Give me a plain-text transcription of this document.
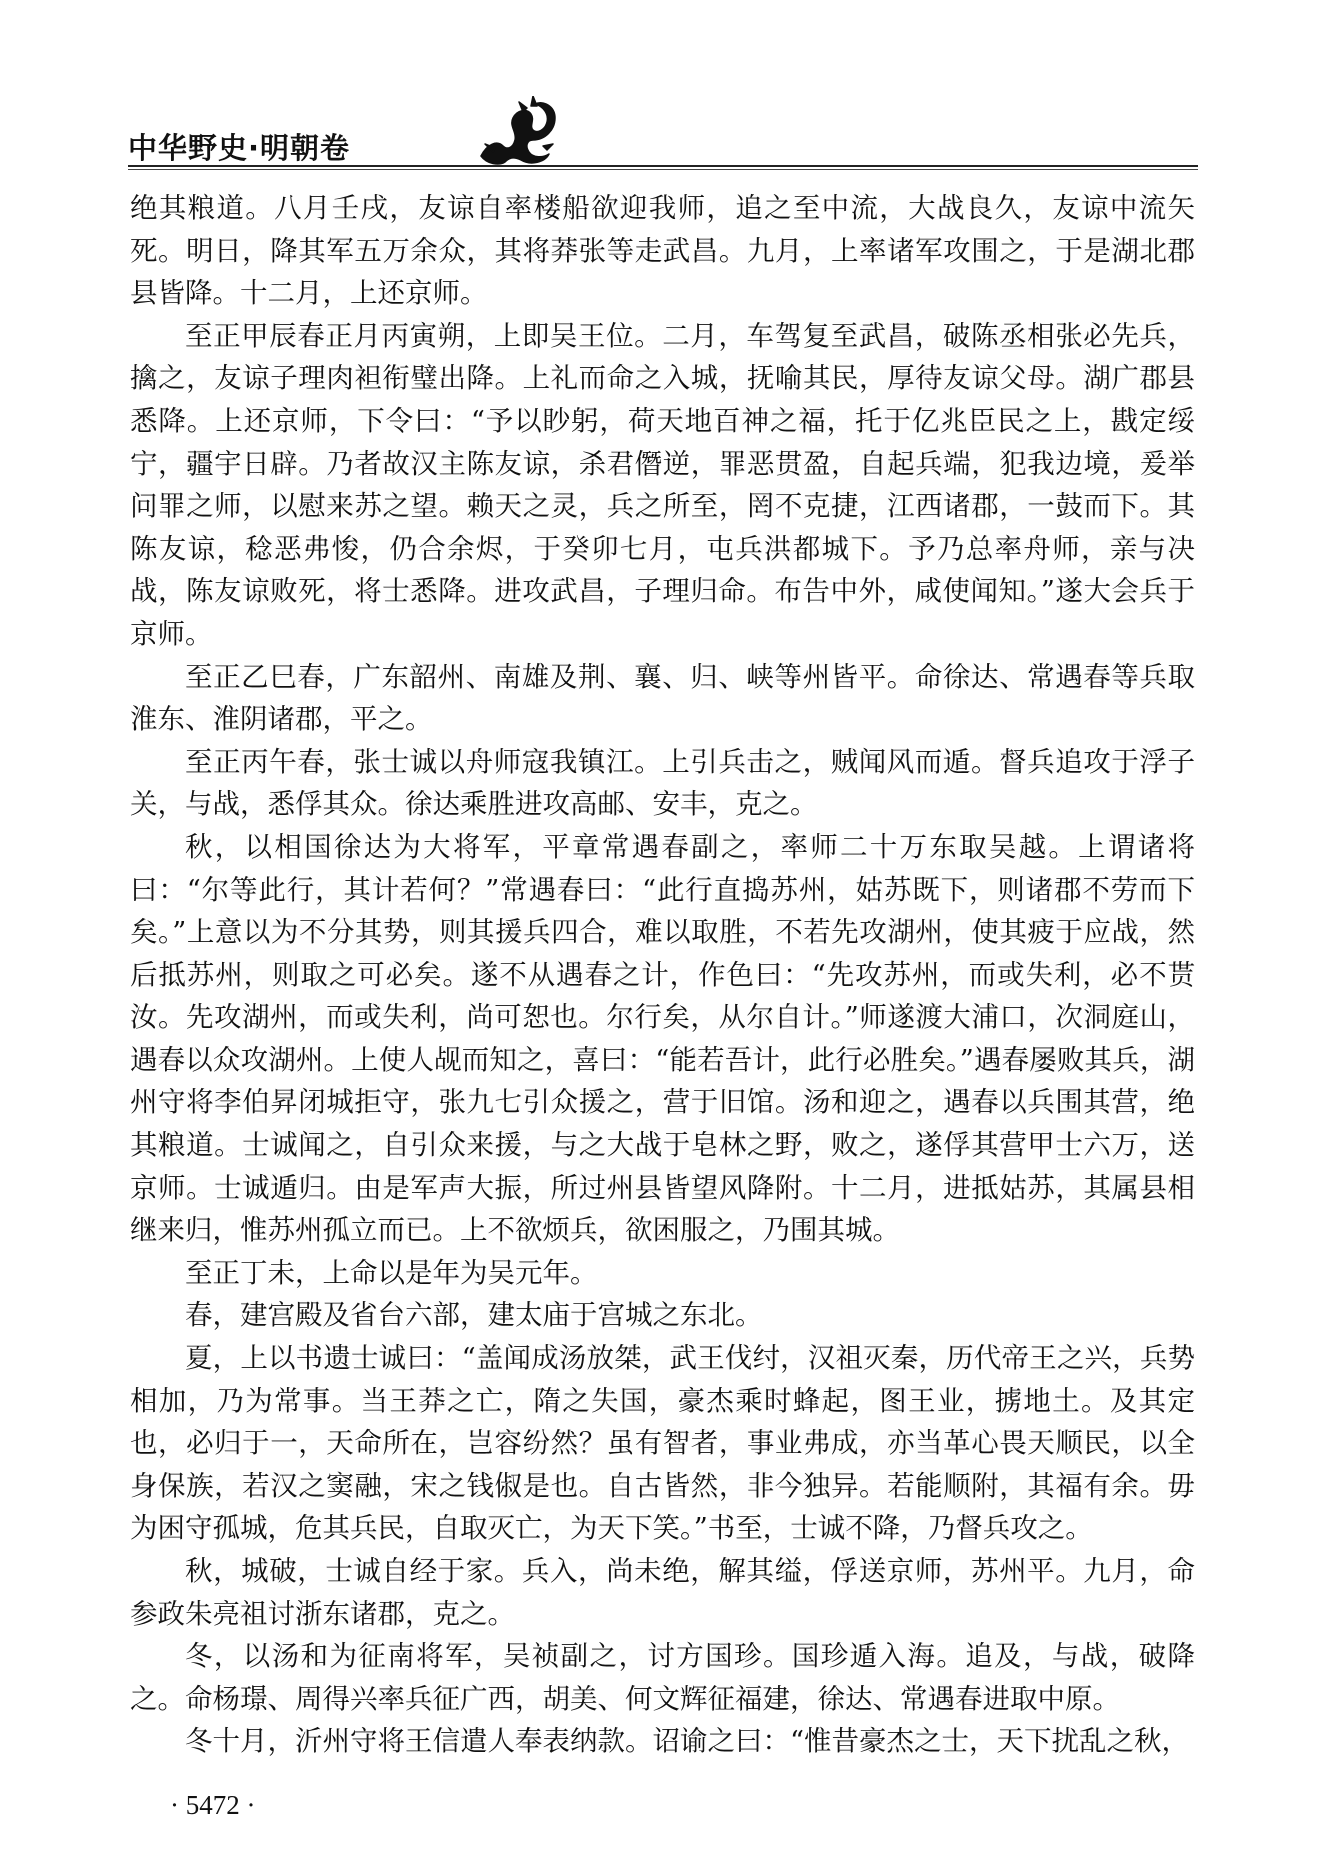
中华野史·明朝卷

绝其粮道。八月壬戌，友谅自率楼船欲迎我师，追之至中流，大战良久，友谅中流矢死。明日，降其军五万余众，其将莽张等走武昌。九月，上率诸军攻围之，于是湖北郡县皆降。十二月，上还京师。

至正甲辰春正月丙寅朔，上即吴王位。二月，车驾复至武昌，破陈丞相张必先兵，擒之，友谅子理肉袒衔璧出降。上礼而命之入城，抚喻其民，厚待友谅父母。湖广郡县悉降。上还京师，下令曰：“予以眇躬，荷天地百神之福，托于亿兆臣民之上，戡定绥宁，疆宇日辟。乃者故汉主陈友谅，杀君僭逆，罪恶贯盈，自起兵端，犯我边境，爰举问罪之师，以慰来苏之望。赖天之灵，兵之所至，罔不克捷，江西诸郡，一鼓而下。其陈友谅，稔恶弗悛，仍合余烬，于癸卯七月，屯兵洪都城下。予乃总率舟师，亲与决战，陈友谅败死，将士悉降。进攻武昌，子理归命。布告中外，咸使闻知。”遂大会兵于京师。

至正乙巳春，广东韶州、南雄及荆、襄、归、峡等州皆平。命徐达、常遇春等兵取淮东、淮阴诸郡，平之。

至正丙午春，张士诚以舟师寇我镇江。上引兵击之，贼闻风而遁。督兵追攻于浮子关，与战，悉俘其众。徐达乘胜进攻高邮、安丰，克之。

秋，以相国徐达为大将军，平章常遇春副之，率师二十万东取吴越。上谓诸将曰：“尔等此行，其计若何？”常遇春曰：“此行直捣苏州，姑苏既下，则诸郡不劳而下矣。”上意以为不分其势，则其援兵四合，难以取胜，不若先攻湖州，使其疲于应战，然后抵苏州，则取之可必矣。遂不从遇春之计，作色曰：“先攻苏州，而或失利，必不贳汝。先攻湖州，而或失利，尚可恕也。尔行矣，从尔自计。”师遂渡大浦口，次洞庭山，遇春以众攻湖州。上使人觇而知之，喜曰：“能若吾计，此行必胜矣。”遇春屡败其兵，湖州守将李伯昇闭城拒守，张九七引众援之，营于旧馆。汤和迎之，遇春以兵围其营，绝其粮道。士诚闻之，自引众来援，与之大战于皂林之野，败之，遂俘其营甲士六万，送京师。士诚遁归。由是军声大振，所过州县皆望风降附。十二月，进抵姑苏，其属县相继来归，惟苏州孤立而已。上不欲烦兵，欲困服之，乃围其城。

至正丁未，上命以是年为吴元年。

春，建宫殿及省台六部，建太庙于宫城之东北。

夏，上以书遗士诚曰：“盖闻成汤放桀，武王伐纣，汉祖灭秦，历代帝王之兴，兵势相加，乃为常事。当王莽之亡，隋之失国，豪杰乘时蜂起，图王业，掳地土。及其定也，必归于一，天命所在，岂容纷然？虽有智者，事业弗成，亦当革心畏天顺民，以全身保族，若汉之窦融，宋之钱俶是也。自古皆然，非今独异。若能顺附，其福有余。毋为困守孤城，危其兵民，自取灭亡，为天下笑。”书至，士诚不降，乃督兵攻之。

秋，城破，士诚自经于家。兵入，尚未绝，解其缢，俘送京师，苏州平。九月，命参政朱亮祖讨浙东诸郡，克之。

冬，以汤和为征南将军，吴祯副之，讨方国珍。国珍遁入海。追及，与战，破降之。命杨璟、周得兴率兵征广西，胡美、何文辉征福建，徐达、常遇春进取中原。

冬十月，沂州守将王信遣人奉表纳款。诏谕之曰：“惟昔豪杰之士，天下扰乱之秋，

· 5472 ·
